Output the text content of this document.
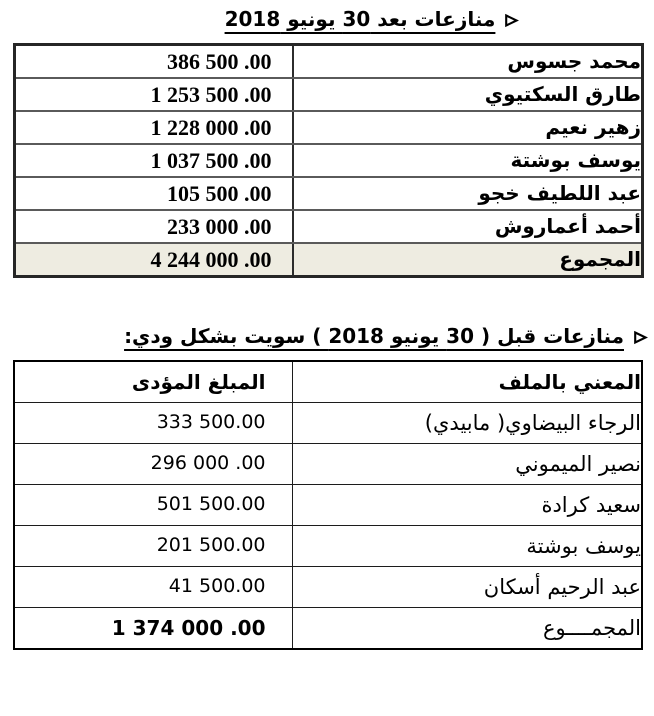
منازعات بعد 30 يونيو 2018
محمد جسوس	386 500 .00
طارق السكتيوي	1 253 500 .00
زهير نعيم	1 228 000 .00
يوسف بوشتة	1 037 500 .00
عبد اللطيف خجو	105 500 .00
أحمد أعماروش	233 000 .00
المجموع	4 244 000 .00
منازعات قبل ( 30 يونيو 2018 ) سويت بشكل ودي:
المعني بالملف	المبلغ المؤدى
الرجاء البيضاوي( مابيدي)	333 500.00
نصير الميموني	296 000 .00
سعيد كرادة	501 500.00
يوسف بوشتة	201 500.00
عبد الرحيم أسكان	41 500.00
المجمــــوع	1 374 000 .00
